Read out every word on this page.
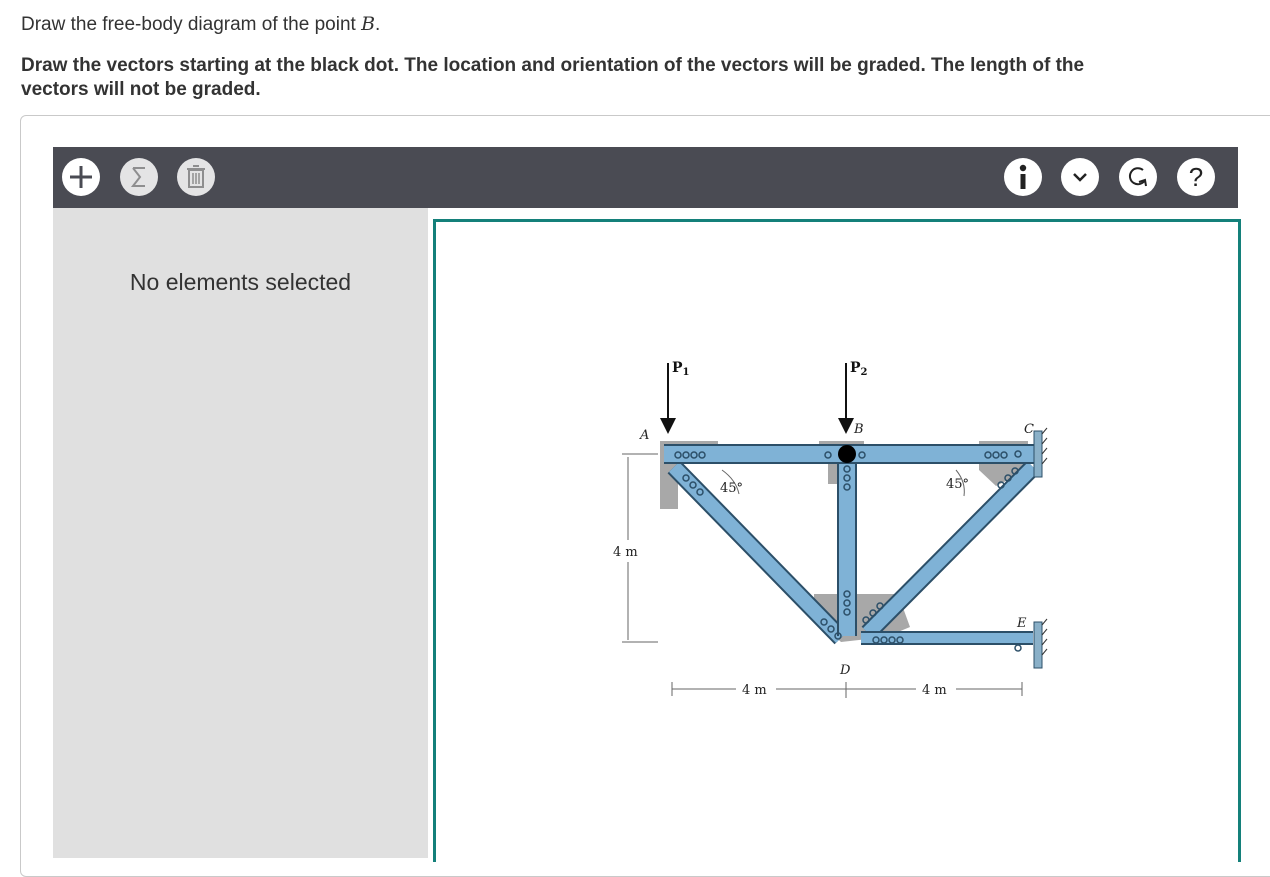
Draw the free-body diagram of the point B.
Draw the vectors starting at the black dot. The location and orientation of the vectors will be graded. The length of the vectors will not be graded.
?
No elements selected
$P_1$	$P_2$
A	B	C
D
E
45°	45°
4 m
4 m	4 m
